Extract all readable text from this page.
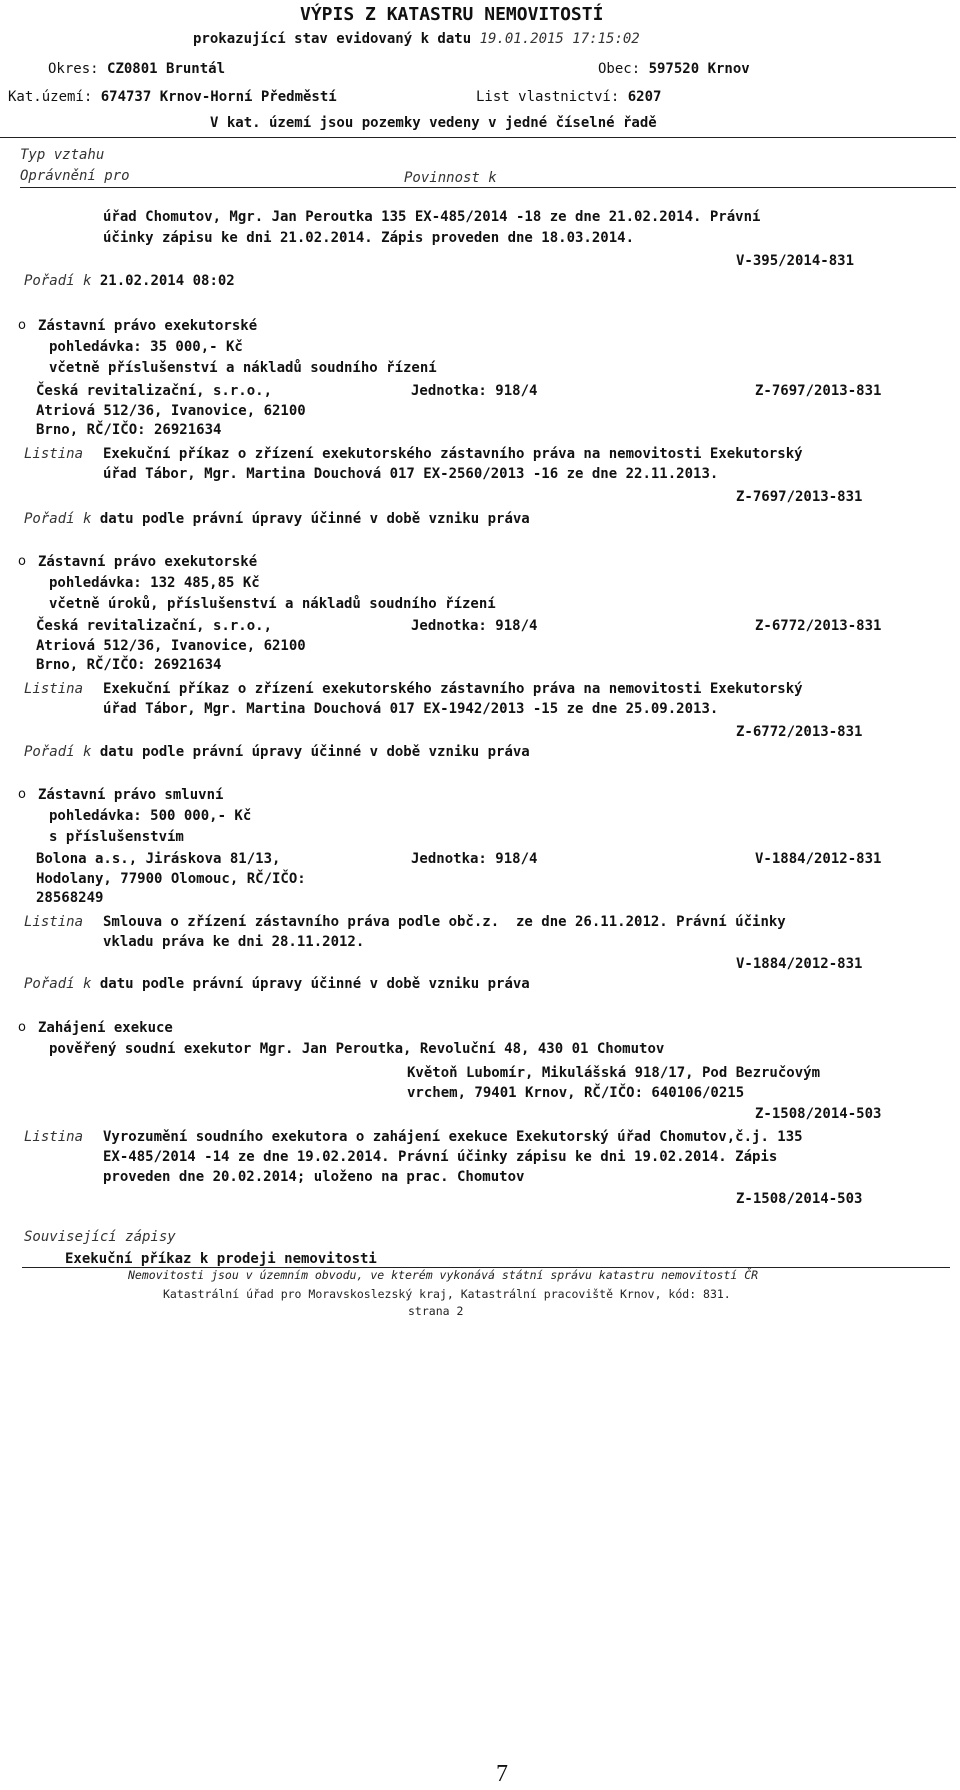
VÝPIS Z KATASTRU NEMOVITOSTÍ
prokazující stav evidovaný k datu 19.01.2015 17:15:02
Okres: CZ0801 Bruntál	Obec: 597520 Krnov
Kat.území: 674737 Krnov-Horní Předměstí	List vlastnictví: 6207
V kat. území jsou pozemky vedeny v jedné číselné řadě
Typ vztahu
Oprávnění pro	Povinnost k
úřad Chomutov, Mgr. Jan Peroutka 135 EX-485/2014 -18 ze dne 21.02.2014. Právní
účinky zápisu ke dni 21.02.2014. Zápis proveden dne 18.03.2014.
V-395/2014-831
Pořadí k 21.02.2014 08:02
o Zástavní právo exekutorské
pohledávka: 35 000,- Kč
včetně příslušenství a nákladů soudního řízení
Česká revitalizační, s.r.o.,
Atriová 512/36, Ivanovice, 62100
Brno, RČ/IČO: 26921634
Jednotka: 918/4	Z-7697/2013-831
Listina Exekuční příkaz o zřízení exekutorského zástavního práva na nemovitosti Exekutorský
úřad Tábor, Mgr. Martina Douchová 017 EX-2560/2013 -16 ze dne 22.11.2013.
Z-7697/2013-831
Pořadí k datu podle právní úpravy účinné v době vzniku práva
o Zástavní právo exekutorské
pohledávka: 132 485,85 Kč
včetně úroků, příslušenství a nákladů soudního řízení
Česká revitalizační, s.r.o.,
Atriová 512/36, Ivanovice, 62100
Brno, RČ/IČO: 26921634
Jednotka: 918/4	Z-6772/2013-831
Listina Exekuční příkaz o zřízení exekutorského zástavního práva na nemovitosti Exekutorský
úřad Tábor, Mgr. Martina Douchová 017 EX-1942/2013 -15 ze dne 25.09.2013.
Z-6772/2013-831
Pořadí k datu podle právní úpravy účinné v době vzniku práva
o Zástavní právo smluvní
pohledávka: 500 000,- Kč
s příslušenstvím
Bolona a.s., Jiráskova 81/13,
Hodolany, 77900 Olomouc, RČ/IČO:
28568249
Jednotka: 918/4	V-1884/2012-831
Listina Smlouva o zřízení zástavního práva podle obč.z.  ze dne 26.11.2012. Právní účinky
vkladu práva ke dni 28.11.2012.
V-1884/2012-831
Pořadí k datu podle právní úpravy účinné v době vzniku práva
o Zahájení exekuce
pověřený soudní exekutor Mgr. Jan Peroutka, Revoluční 48, 430 01 Chomutov
Květoň Lubomír, Mikulášská 918/17, Pod Bezručovým
vrchem, 79401 Krnov, RČ/IČO: 640106/0215
Z-1508/2014-503
Listina Vyrozumění soudního exekutora o zahájení exekuce Exekutorský úřad Chomutov,č.j. 135
EX-485/2014 -14 ze dne 19.02.2014. Právní účinky zápisu ke dni 19.02.2014. Zápis
proveden dne 20.02.2014; uloženo na prac. Chomutov
Z-1508/2014-503
Související zápisy
Exekuční příkaz k prodeji nemovitosti
Nemovitosti jsou v územním obvodu, ve kterém vykonává státní správu katastru nemovitostí ČR
Katastrální úřad pro Moravskoslezský kraj, Katastrální pracoviště Krnov, kód: 831.
strana 2
7
